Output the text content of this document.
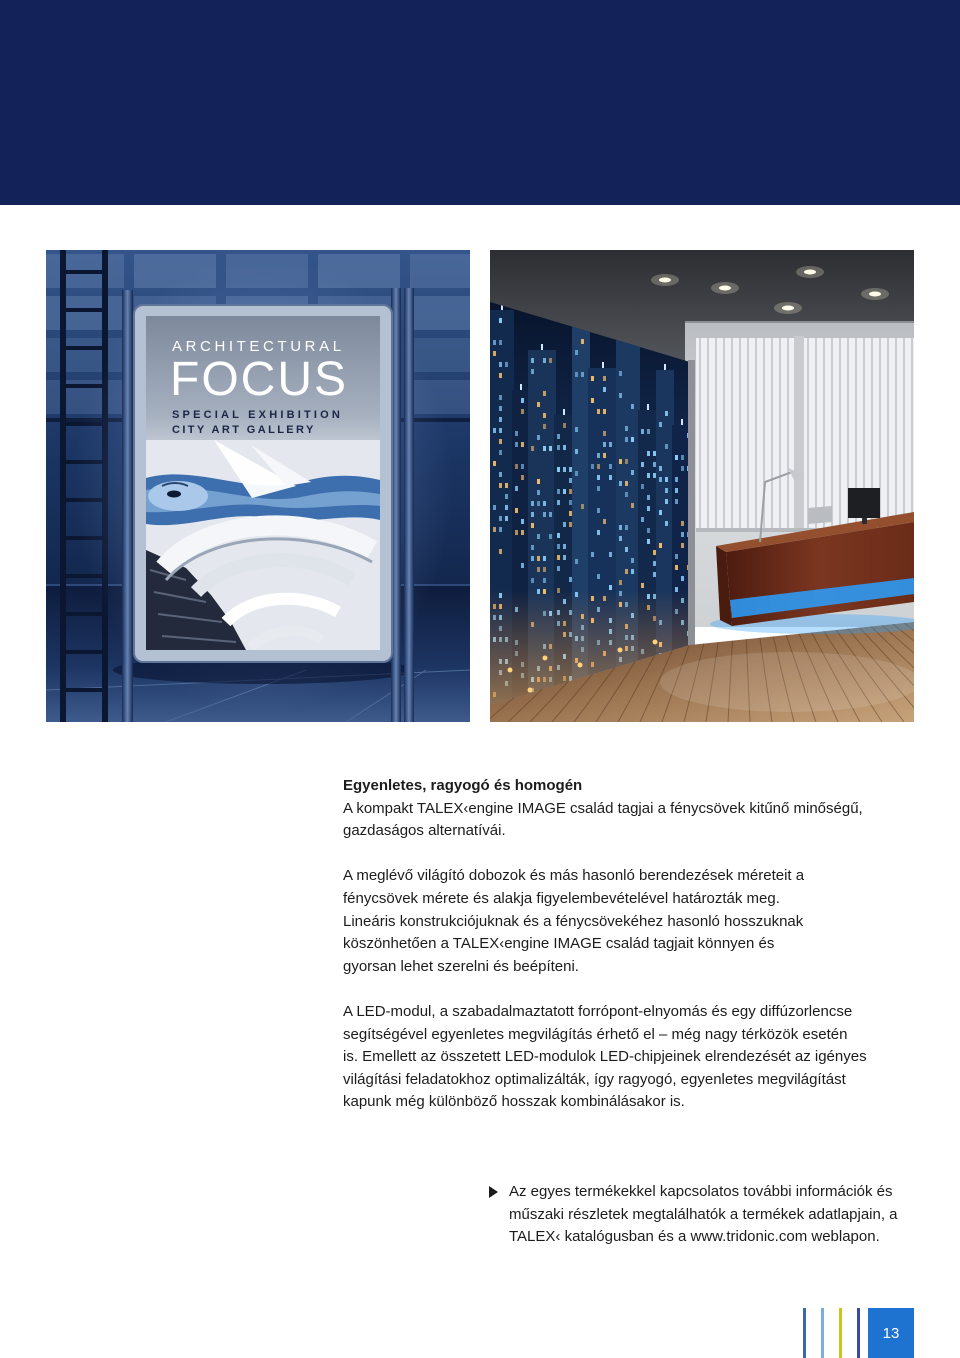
ARCHITECTURAL
FOCUS
SPECIAL EXHIBITION
CITY ART GALLERY
Egyenletes, ragyogó és homogén
A kompakt TALEX‹engine IMAGE család tagjai a fénycsövek kitűnő minőségű,
gazdaságos alternatívái.
A meglévő világító dobozok és más hasonló berendezések méreteit a
fénycsövek mérete és alakja figyelembevételével határozták meg.
Lineáris konstrukciójuknak és a fénycsövekéhez hasonló hosszuknak
köszönhetően a TALEX‹engine IMAGE család tagjait könnyen és
gyorsan lehet szerelni és beépíteni.
A LED-modul, a szabadalmaztatott forrópont-elnyomás és egy diffúzorlencse
segítségével egyenletes megvilágítás érhető el – még nagy térközök esetén
is. Emellett az összetett LED-modulok LED-chipjeinek elrendezését az igényes
világítási feladatokhoz optimalizálták, így ragyogó, egyenletes megvilágítást
kapunk még különböző hosszak kombinálásakor is.
Az egyes termékekkel kapcsolatos további információk és
műszaki részletek megtalálhatók a termékek adatlapjain, a
TALEX‹ katalógusban és a www.tridonic.com weblapon.
13
